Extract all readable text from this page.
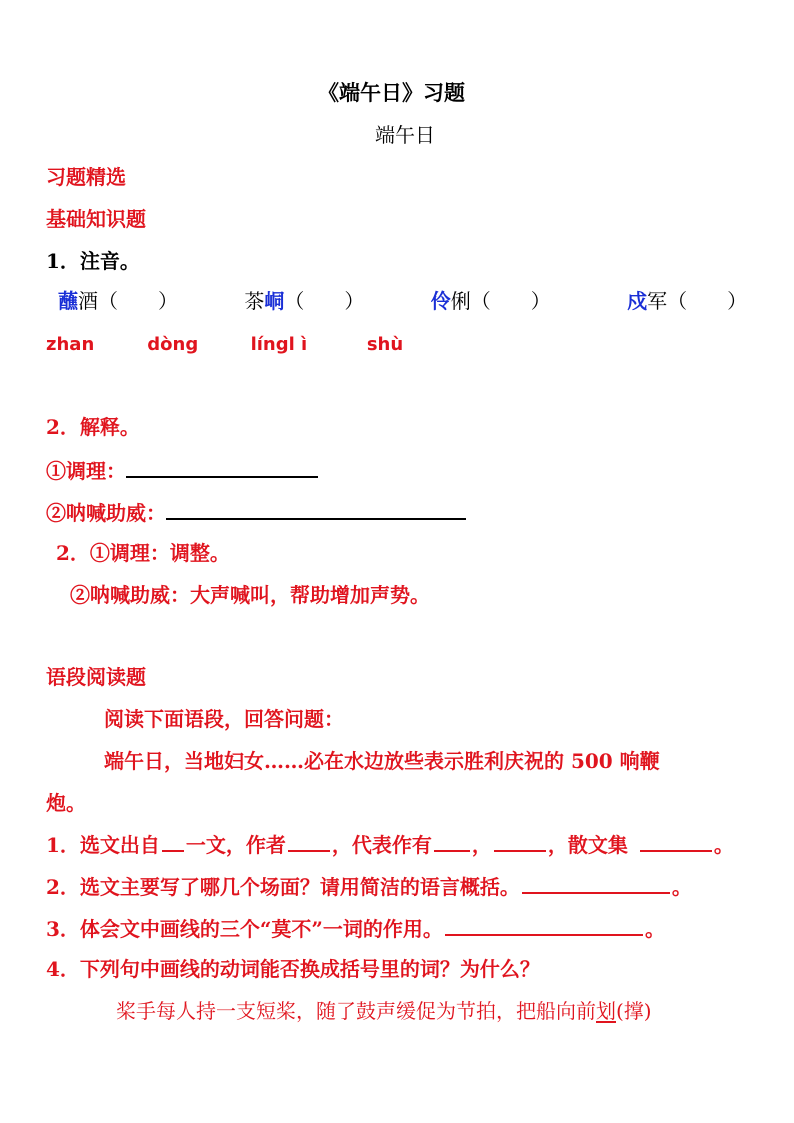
《端午日》习题
端午日
习题精选
基础知识题
1．注音。
蘸酒（　　）	茶峒（　　）	伶俐（　　）	戍军（　　）
zhan	dòng	língl ì	shù
2．解释。
①调理：
②呐喊助威：
2．①调理：调整。
②呐喊助威：大声喊叫，帮助增加声势。
语段阅读题
阅读下面语段，回答问题：
端午日，当地妇女……必在水边放些表示胜利庆祝的 500 响鞭
炮。
1．选文出自 一文，作者 ，代表作有 ，	，散文集	。
2．选文主要写了哪几个场面？请用简洁的语言概括。	。
3．体会文中画线的三个“莫不”一词的作用。	。
4．下列句中画线的动词能否换成括号里的词？为什么？
桨手每人持一支短桨，随了鼓声缓促为节拍，把船向前划(撑)
